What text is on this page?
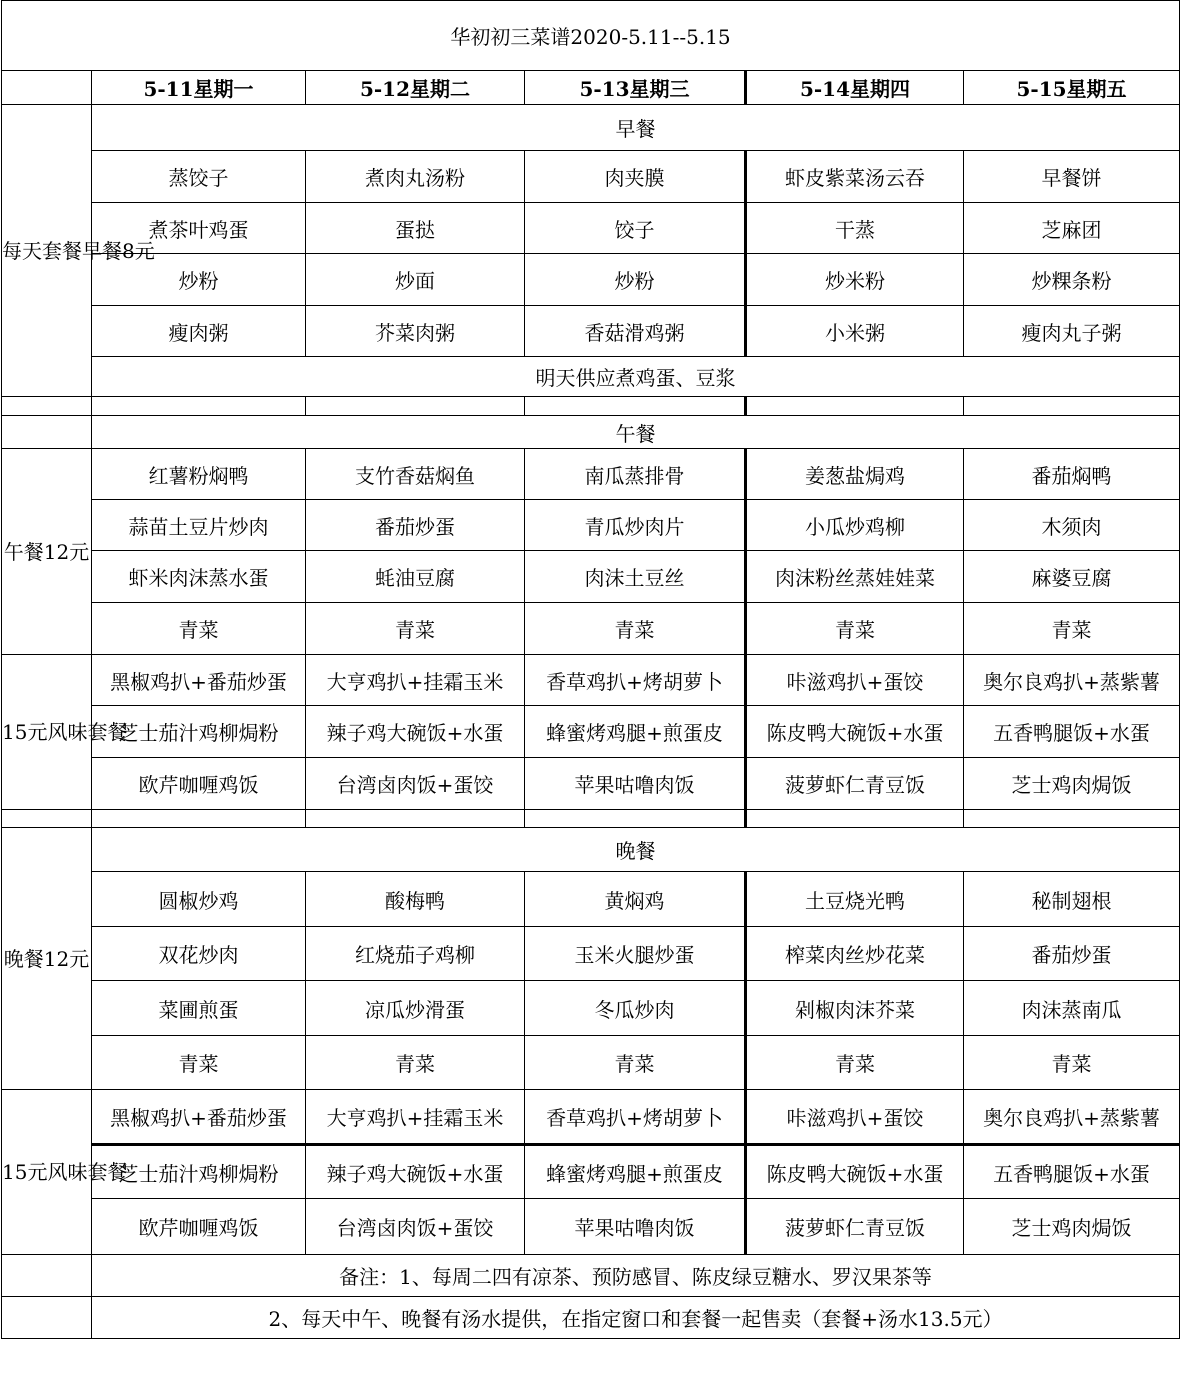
华初初三菜谱2020-5.11--5.15					
	5-11星期一	5-12星期二	5-13星期三	5-14星期四	5-15星期五
每天套餐早餐8元	早餐				
	蒸饺子	煮肉丸汤粉	肉夹膜	虾皮紫菜汤云吞	早餐饼
	煮茶叶鸡蛋	蛋挞	饺子	干蒸	芝麻团
	炒粉	炒面	炒粉	炒米粉	炒粿条粉
	瘦肉粥	芥菜肉粥	香菇滑鸡粥	小米粥	瘦肉丸子粥
	明天供应煮鸡蛋、豆浆				

	午餐				
午餐12元	红薯粉焖鸭	支竹香菇焖鱼	南瓜蒸排骨	姜葱盐焗鸡	番茄焖鸭
	蒜苗土豆片炒肉	番茄炒蛋	青瓜炒肉片	小瓜炒鸡柳	木须肉
	虾米肉沫蒸水蛋	蚝油豆腐	肉沫土豆丝	肉沫粉丝蒸娃娃菜	麻婆豆腐
	青菜	青菜	青菜	青菜	青菜
15元风味套餐	黑椒鸡扒+番茄炒蛋	大亨鸡扒+挂霜玉米	香草鸡扒+烤胡萝卜	咔滋鸡扒+蛋饺	奥尔良鸡扒+蒸紫薯
	芝士茄汁鸡柳焗粉	辣子鸡大碗饭+水蛋	蜂蜜烤鸡腿+煎蛋皮	陈皮鸭大碗饭+水蛋	五香鸭腿饭+水蛋
	欧芹咖喱鸡饭	台湾卤肉饭+蛋饺	苹果咕噜肉饭	菠萝虾仁青豆饭	芝士鸡肉焗饭

晚餐12元	晚餐				
	圆椒炒鸡	酸梅鸭	黄焖鸡	土豆烧光鸭	秘制翅根
	双花炒肉	红烧茄子鸡柳	玉米火腿炒蛋	榨菜肉丝炒花菜	番茄炒蛋
	菜圃煎蛋	凉瓜炒滑蛋	冬瓜炒肉	剁椒肉沫芥菜	肉沫蒸南瓜
	青菜	青菜	青菜	青菜	青菜
15元风味套餐	黑椒鸡扒+番茄炒蛋	大亨鸡扒+挂霜玉米	香草鸡扒+烤胡萝卜	咔滋鸡扒+蛋饺	奥尔良鸡扒+蒸紫薯
	芝士茄汁鸡柳焗粉	辣子鸡大碗饭+水蛋	蜂蜜烤鸡腿+煎蛋皮	陈皮鸭大碗饭+水蛋	五香鸭腿饭+水蛋
	欧芹咖喱鸡饭	台湾卤肉饭+蛋饺	苹果咕噜肉饭	菠萝虾仁青豆饭	芝士鸡肉焗饭
	备注：1、每周二四有凉茶、预防感冒、陈皮绿豆糖水、罗汉果茶等				
	2、每天中午、晚餐有汤水提供，在指定窗口和套餐一起售卖（套餐+汤水13.5元）				
